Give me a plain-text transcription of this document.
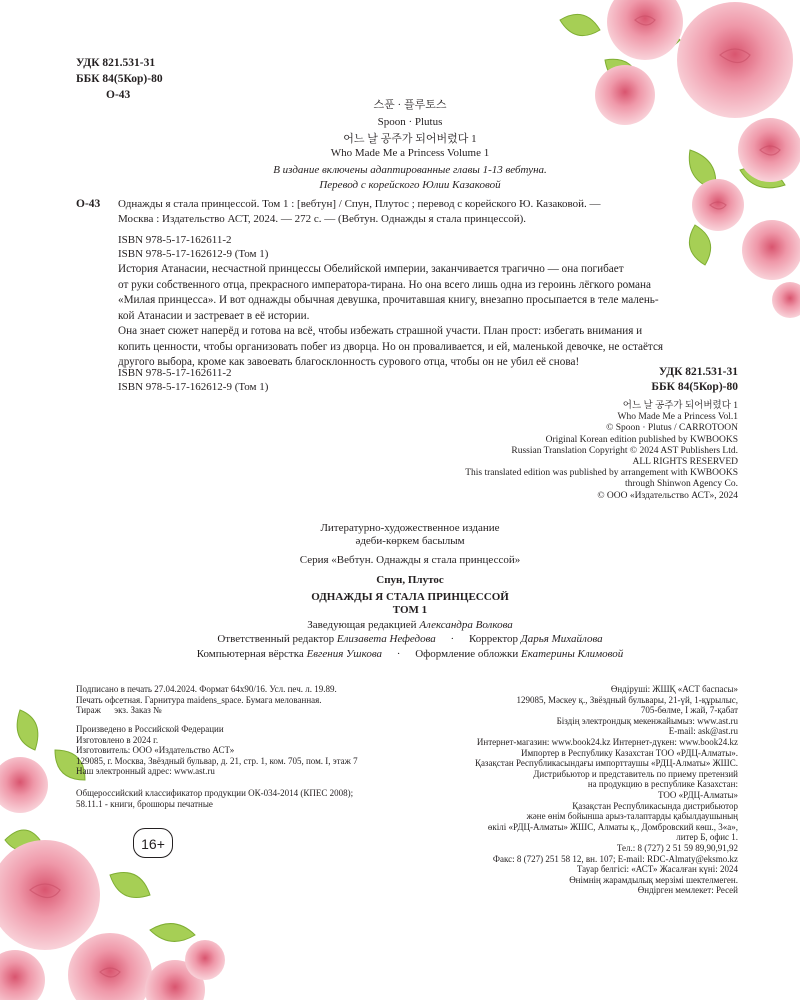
УДК 821.531-31
ББК 84(5Кор)-80
О-43
스푼 · 플루토스
Spoon · Plutus
어느 날 공주가 되어버렸다 1
Who Made Me a Princess Volume 1
В издание включены адаптированные главы 1-13 вебтуна.
Перевод с корейского Юлии Казаковой
О-43 Однажды я стала принцессой. Том 1 : [вебтун] / Спун, Плутос ; перевод с корейского Ю. Казаковой. —
Москва : Издательство АСТ, 2024. — 272 с. — (Вебтун. Однажды я стала принцессой).
ISBN 978-5-17-162611-2
ISBN 978-5-17-162612-9 (Том 1)
История Атанасии, несчастной принцессы Обелийской империи, заканчивается трагично — она погибает
от руки собственного отца, прекрасного императора-тирана. Но она всего лишь одна из героинь лёгкого романа
«Милая принцесса». И вот однажды обычная девушка, прочитавшая книгу, внезапно просыпается в теле малень-
кой Атанасии и застревает в её истории.
Она знает сюжет наперёд и готова на всё, чтобы избежать страшной участи. План прост: избегать внимания и
копить ценности, чтобы организовать побег из дворца. Но он проваливается, и ей, маленькой девочке, не остаётся
другого выбора, кроме как завоевать благосклонность сурового отца, чтобы он не убил её снова!
ISBN 978-5-17-162611-2
ISBN 978-5-17-162612-9 (Том 1)
УДК 821.531-31
ББК 84(5Кор)-80
어느 날 공주가 되어버렸다 1
Who Made Me a Princess Vol.1
© Spoon · Plutus / CARROTOON
Original Korean edition published by KWBOOKS
Russian Translation Copyright © 2024 AST Publishers Ltd.
ALL RIGHTS RESERVED
This translated edition was published by arrangement with KWBOOKS
through Shinwon Agency Co.
© ООО «Издательство АСТ», 2024
Литературно-художественное издание
әдеби-көркем басылым
Серия «Вебтун. Однажды я стала принцессой»
Спун, Плутос
ОДНАЖДЫ Я СТАЛА ПРИНЦЕССОЙ
ТОМ 1
Заведующая редакцией Александра Волкова
Ответственный редактор Елизавета Нефедова · Корректор Дарья Михайлова
Компьютерная вёрстка Евгения Ушкова · Оформление обложки Екатерины Климовой
Подписано в печать 27.04.2024. Формат 64x90/16. Усл. печ. л. 19.89.
Печать офсетная. Гарнитура maidens_space. Бумага мелованная.
Тираж      экз. Заказ №
Произведено в Российской Федерации
Изготовлено в 2024 г.
Изготовитель: ООО «Издательство АСТ»
129085, г. Москва, Звёздный бульвар, д. 21, стр. 1, ком. 705, пом. I, этаж 7
Наш электронный адрес: www.ast.ru
Общероссийский классификатор продукции ОК-034-2014 (КПЕС 2008);
58.11.1 - книги, брошюры печатные
16+
Өндіруші: ЖШҚ «АСТ баспасы»
129085, Мәскеу қ., Звёздный бульвары, 21-үй, 1-құрылыс,
705-бөлме, I жай, 7-қабат
Біздің электрондық мекенжайымыз: www.ast.ru
E-mail: ask@ast.ru
Интернет-магазин: www.book24.kz Интернет-дүкен: www.book24.kz
Импортер в Республику Казахстан ТОО «РДЦ-Алматы».
Қазақстан Республикасындағы импорттаушы «РДЦ-Алматы» ЖШС.
Дистрибьютор и представитель по приему претензий
на продукцию в республике Казахстан:
ТОО «РДЦ-Алматы»
Қазақстан Республикасында дистрибьютор
және өнім бойынша арыз-талаптарды қабылдаушының
өкілі «РДЦ-Алматы» ЖШС, Алматы қ., Домбровский көш., 3«а»,
литер Б, офис 1.
Тел.: 8 (727) 2 51 59 89,90,91,92
Факс: 8 (727) 251 58 12, вн. 107; E-mail: RDC-Almaty@eksmo.kz
Тауар белгісі: «АСТ» Жасалған күні: 2024
Өнімнің жарамдылық мерзімі шектелмеген.
Өндірген мемлекет: Ресей
